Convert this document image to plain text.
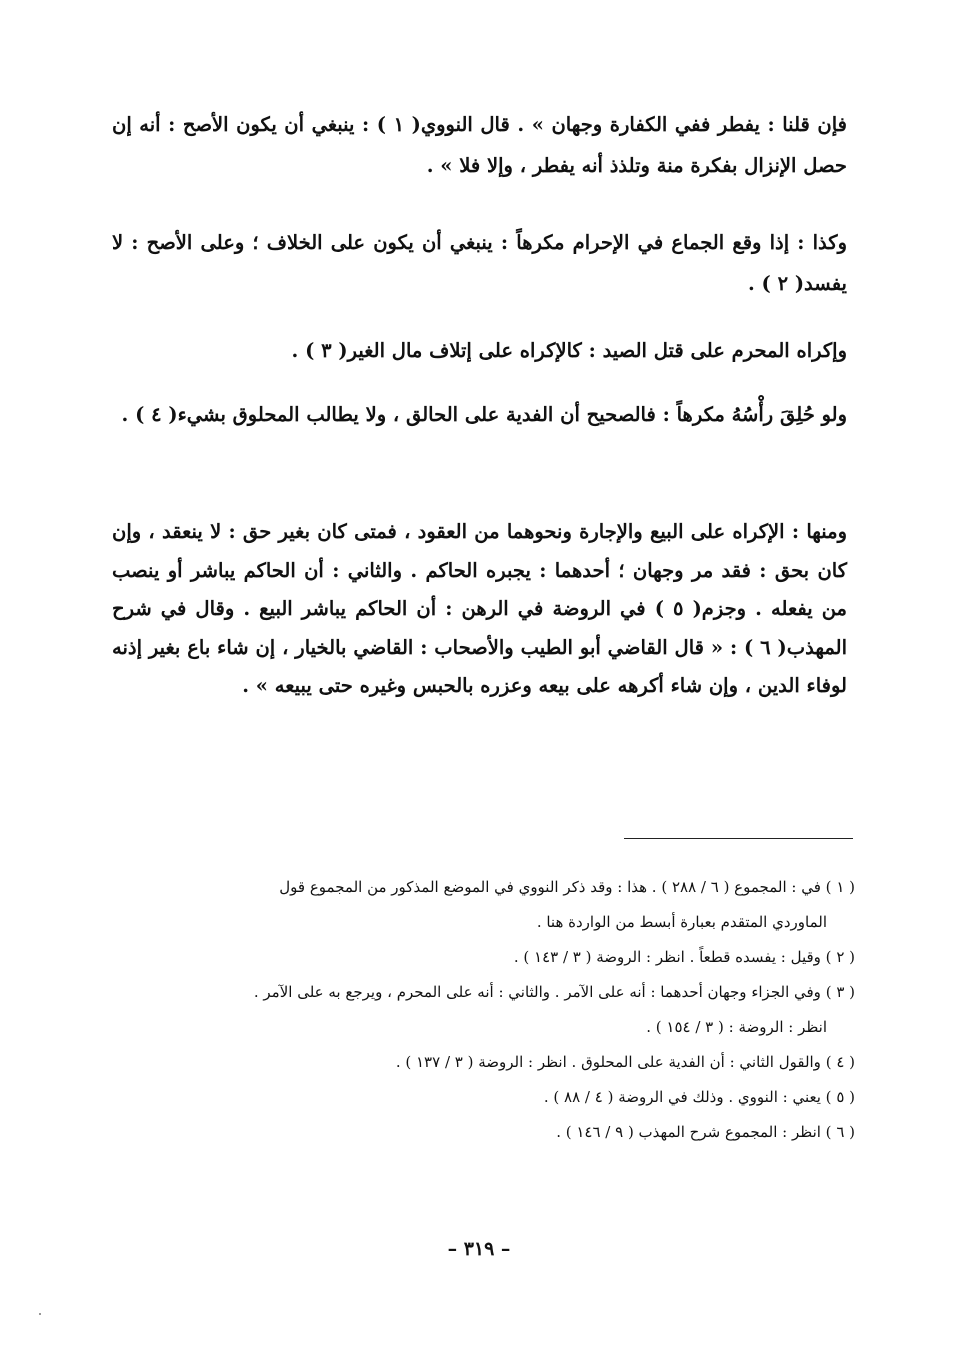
فإن قلنا : يفطر ففي الكفارة وجهان » . قال النووي( ١ ) : ينبغي أن يكون الأصح : أنه إن حصل الإنزال بفكرة منة وتلذذ أنه يفطر ، وإلا فلا » .

وكذا : إذا وقع الجماع في الإحرام مكرهاً : ينبغي أن يكون على الخلاف ؛ وعلى الأصح : لا يفسد( ٢ ) .

وإكراه المحرم على قتل الصيد : كالإكراه على إتلاف مال الغير( ٣ ) .

ولو حُلِقَ رأْسُهُ مكرهاً : فالصحيح أن الفدية على الحالق ، ولا يطالب المحلوق بشيء( ٤ ) .

ومنها : الإكراه على البيع والإجارة ونحوهما من العقود ، فمتى كان بغير حق : لا ينعقد ، وإن كان بحق : فقد مر وجهان ؛ أحدهما : يجبره الحاكم . والثاني : أن الحاكم يباشر أو ينصب من يفعله . وجزم( ٥ ) في الروضة في الرهن : أن الحاكم يباشر البيع . وقال في شرح المهذب( ٦ ) : « قال القاضي أبو الطيب والأصحاب : القاضي بالخيار ، إن شاء باع بغير إذنه لوفاء الدين ، وإن شاء أكرهه على بيعه وعزره بالحبس وغيره حتى يبيعه » .

( ١ ) في : المجموع ( ٦ / ٢٨٨ ) . هذا : وقد ذكر النووي في الموضع المذكور من المجموع قول
الماوردي المتقدم بعبارة أبسط من الواردة هنا .

( ٢ ) وقيل : يفسده قطعاً . انظر : الروضة ( ٣ / ١٤٣ ) .

( ٣ ) وفي الجزاء وجهان أحدهما : أنه على الآمر . والثاني : أنه على المحرم ، ويرجع به على الآمر .
انظر : الروضة : ( ٣ / ١٥٤ ) .

( ٤ ) والقول الثاني : أن الفدية على المحلوق . انظر : الروضة ( ٣ / ١٣٧ ) .

( ٥ ) يعني : النووي . وذلك في الروضة ( ٤ / ٨٨ ) .

( ٦ ) انظر : المجموع شرح المهذب ( ٩ / ١٤٦ ) .

– ٣١٩ –
